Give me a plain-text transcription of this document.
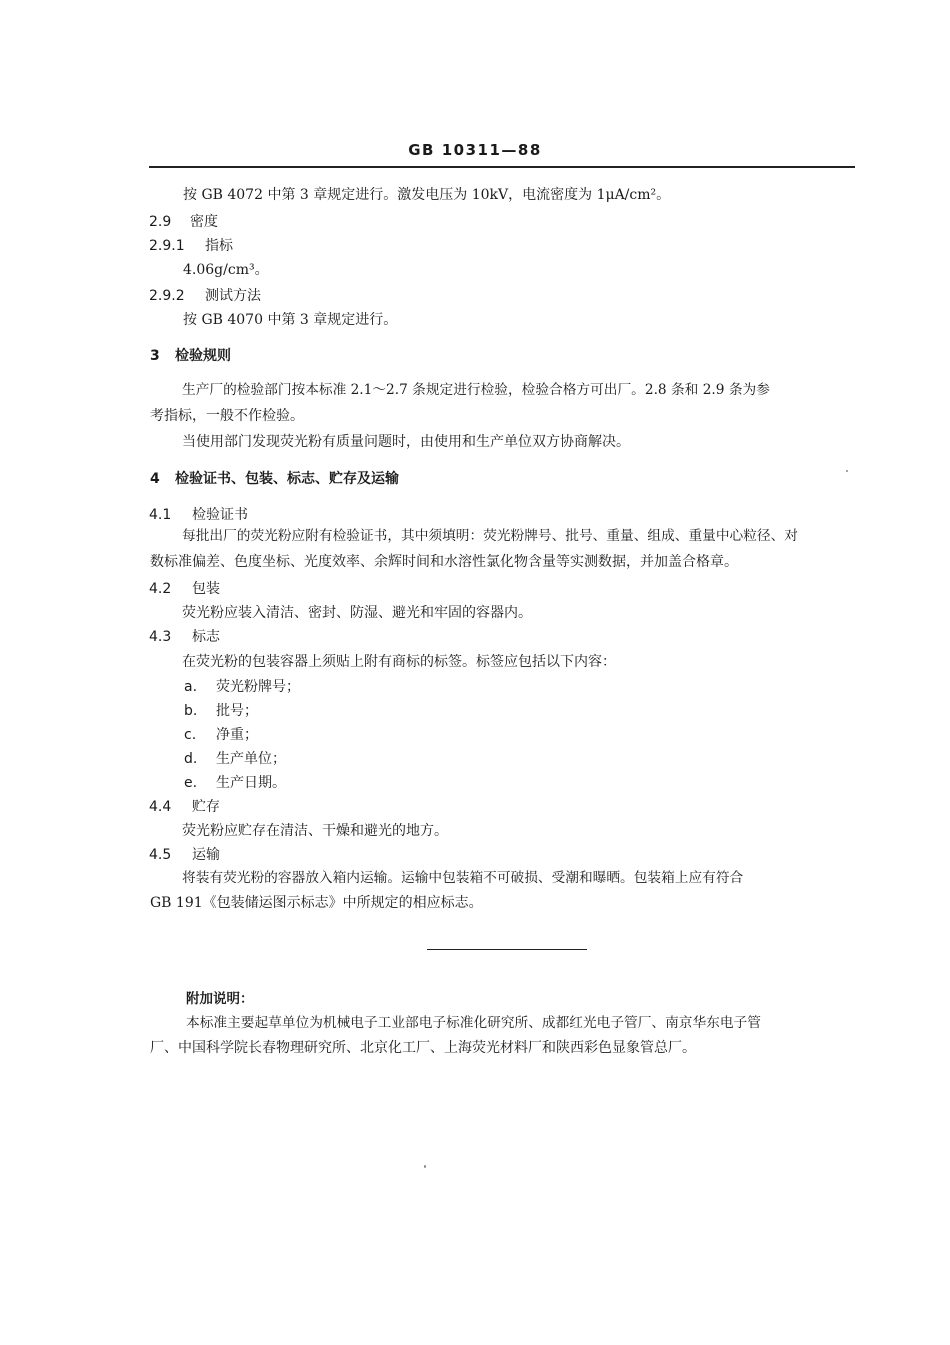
GB 10311—88
按 GB 4072 中第 3 章规定进行。激发电压为 10kV，电流密度为 1μA/cm²。
2.9 密度
2.9.1 指标
4.06g/cm³。
2.9.2 测试方法
按 GB 4070 中第 3 章规定进行。
3 检验规则
生产厂的检验部门按本标准 2.1～2.7 条规定进行检验，检验合格方可出厂。2.8 条和 2.9 条为参
考指标，一般不作检验。
当使用部门发现荧光粉有质量问题时，由使用和生产单位双方协商解决。
4 检验证书、包装、标志、贮存及运输
4.1 检验证书
每批出厂的荧光粉应附有检验证书，其中须填明：荧光粉牌号、批号、重量、组成、重量中心粒径、对
数标准偏差、色度坐标、光度效率、余辉时间和水溶性氯化物含量等实测数据，并加盖合格章。
4.2 包装
荧光粉应装入清洁、密封、防湿、避光和牢固的容器内。
4.3 标志
在荧光粉的包装容器上须贴上附有商标的标签。标签应包括以下内容：
a. 荧光粉牌号；
b. 批号；
c. 净重；
d. 生产单位；
e. 生产日期。
4.4 贮存
荧光粉应贮存在清洁、干燥和避光的地方。
4.5 运输
将装有荧光粉的容器放入箱内运输。运输中包装箱不可破损、受潮和曝晒。包装箱上应有符合
GB 191《包装储运图示标志》中所规定的相应标志。
附加说明：
本标准主要起草单位为机械电子工业部电子标准化研究所、成都红光电子管厂、南京华东电子管
厂、中国科学院长春物理研究所、北京化工厂、上海荧光材料厂和陕西彩色显象管总厂。
